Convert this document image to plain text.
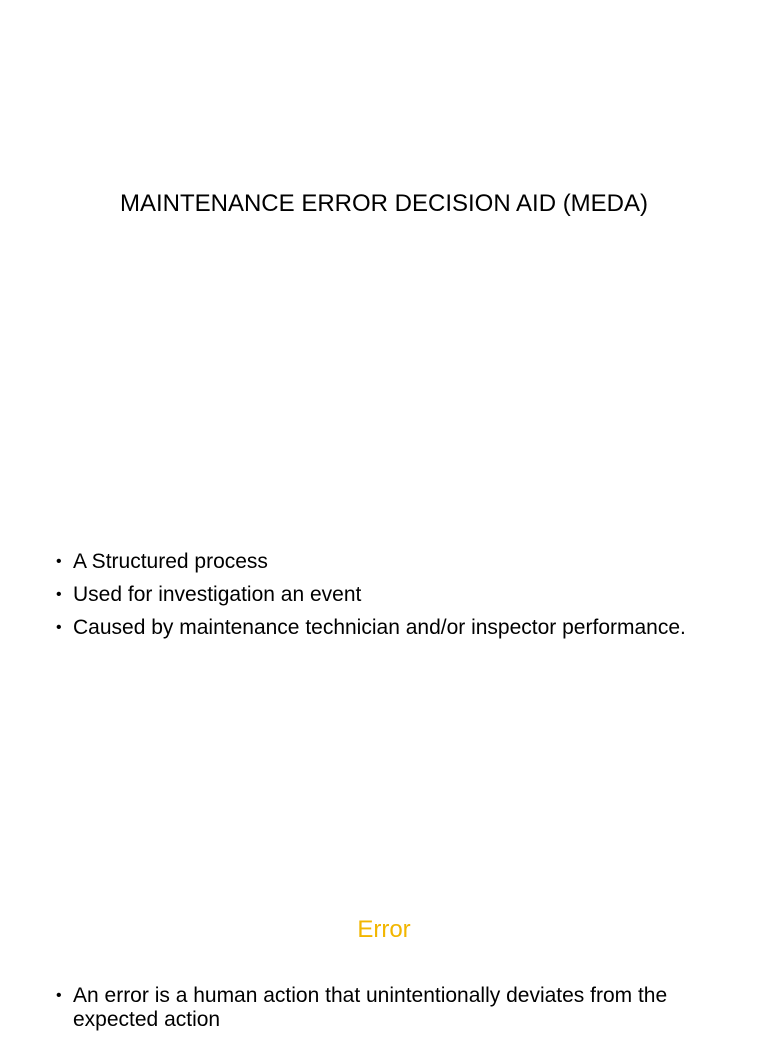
MAINTENANCE ERROR DECISION AID (MEDA)
• A Structured process
• Used for investigation an event
• Caused by maintenance technician and/or inspector performance.
Error
• An error is a human action that unintentionally deviates from the expected action
